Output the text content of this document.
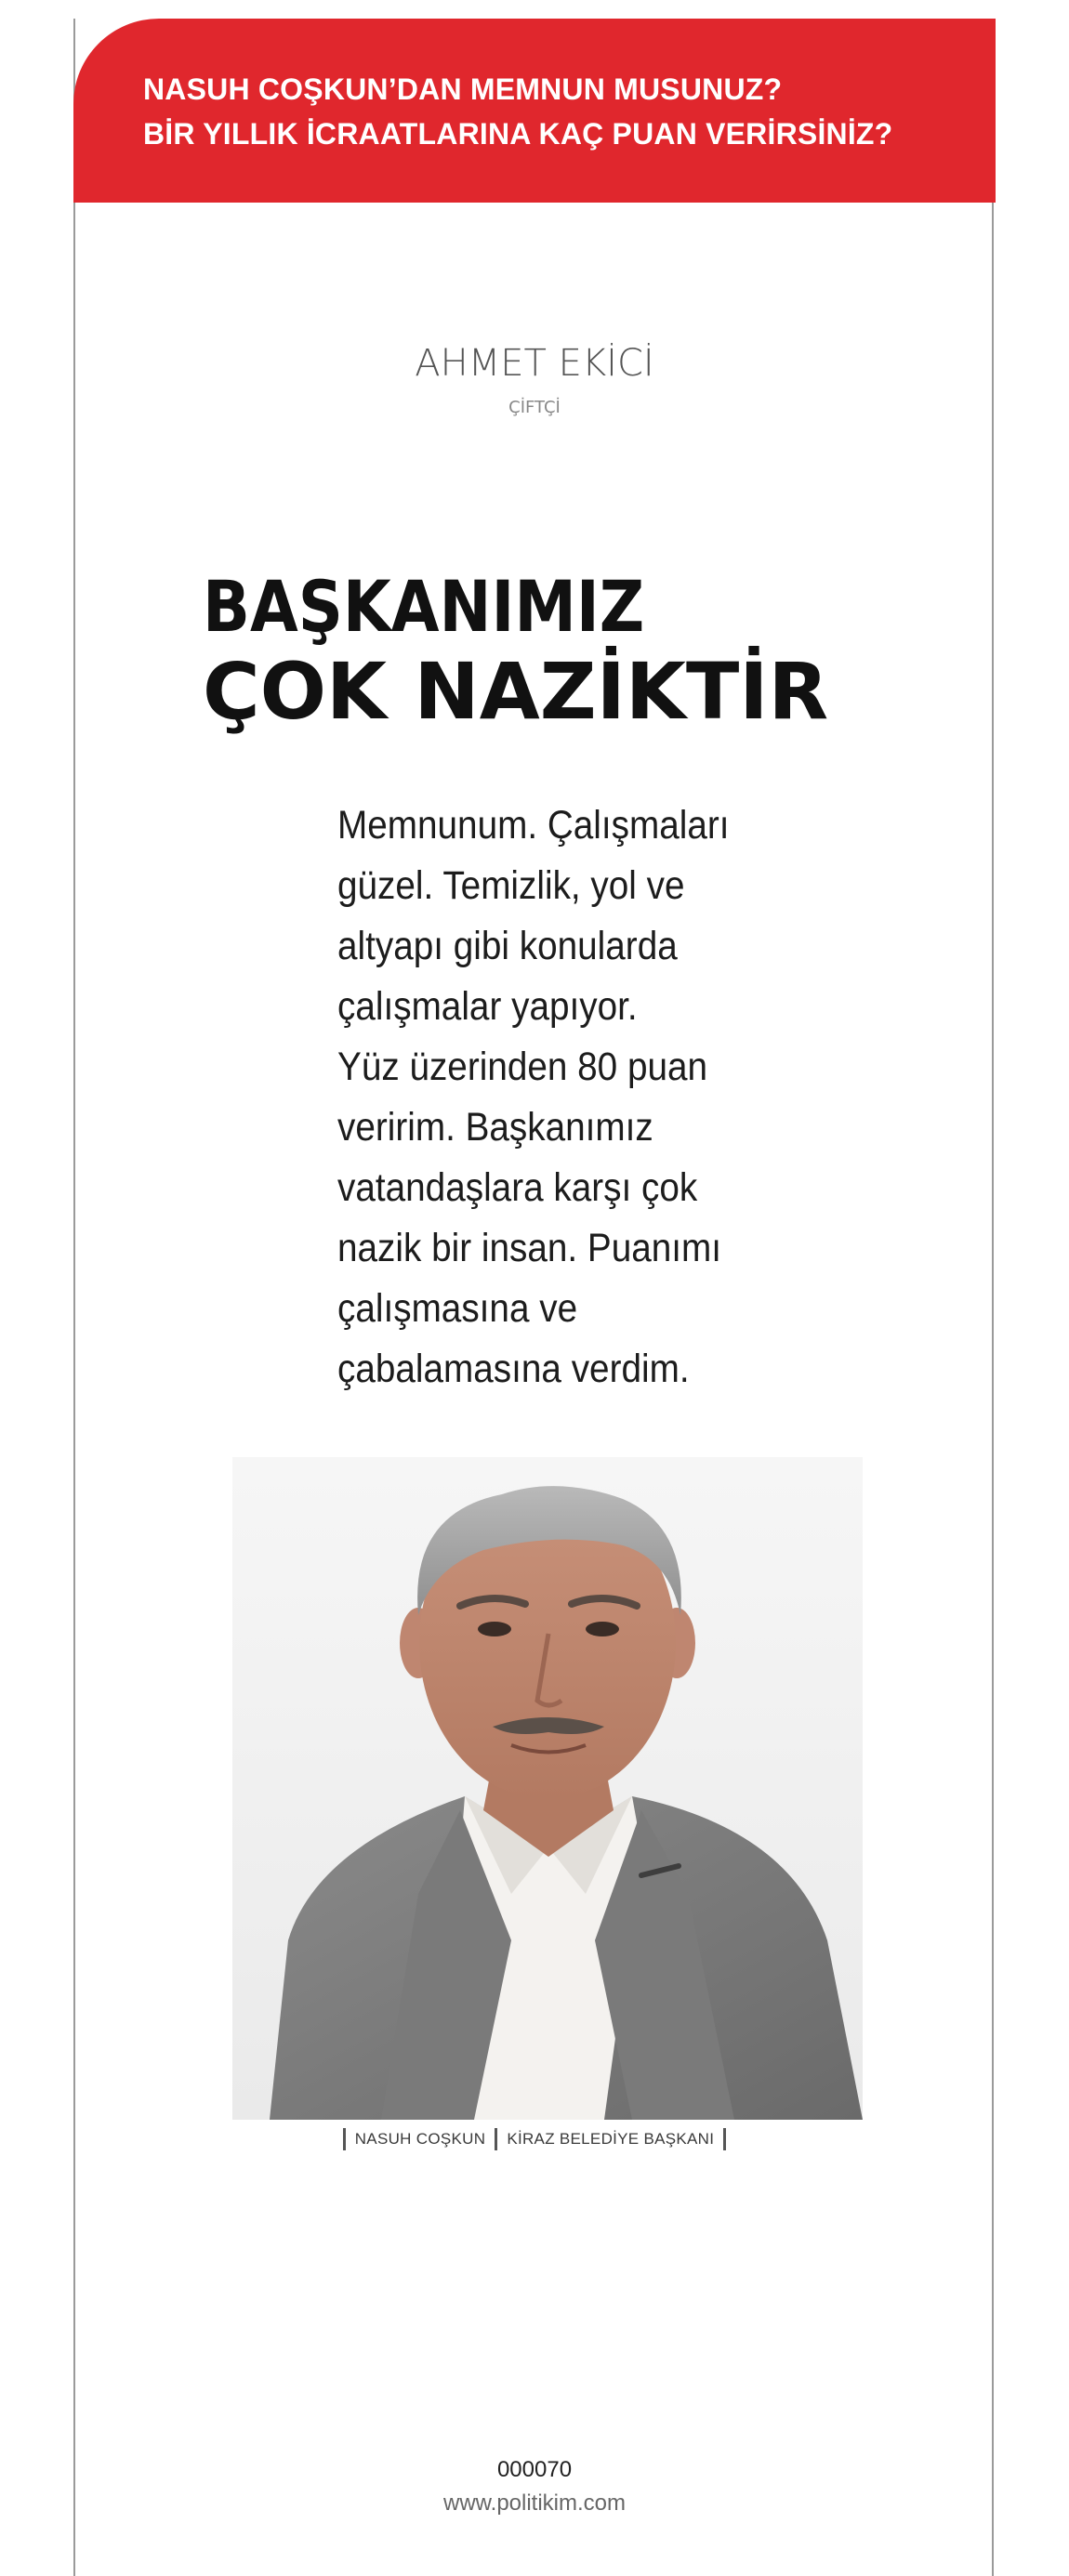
NASUH COŞKUN’DAN MEMNUN MUSUNUZ?
BİR YILLIK İCRAATLARINA KAÇ PUAN VERİRSİNİZ?
AHMET EKİCİ
ÇİFTÇİ
BAŞKANIMIZ
ÇOK NAZİKTİR
Memnunum. Çalışmaları
güzel. Temizlik, yol ve
altyapı gibi konularda
çalışmalar yapıyor.
Yüz üzerinden 80 puan
veririm. Başkanımız
vatandaşlara karşı çok
nazik bir insan. Puanımı
çalışmasına ve
çabalamasına verdim.
NASUH COŞKUN KİRAZ BELEDİYE BAŞKANI
000070
www.politikim.com
